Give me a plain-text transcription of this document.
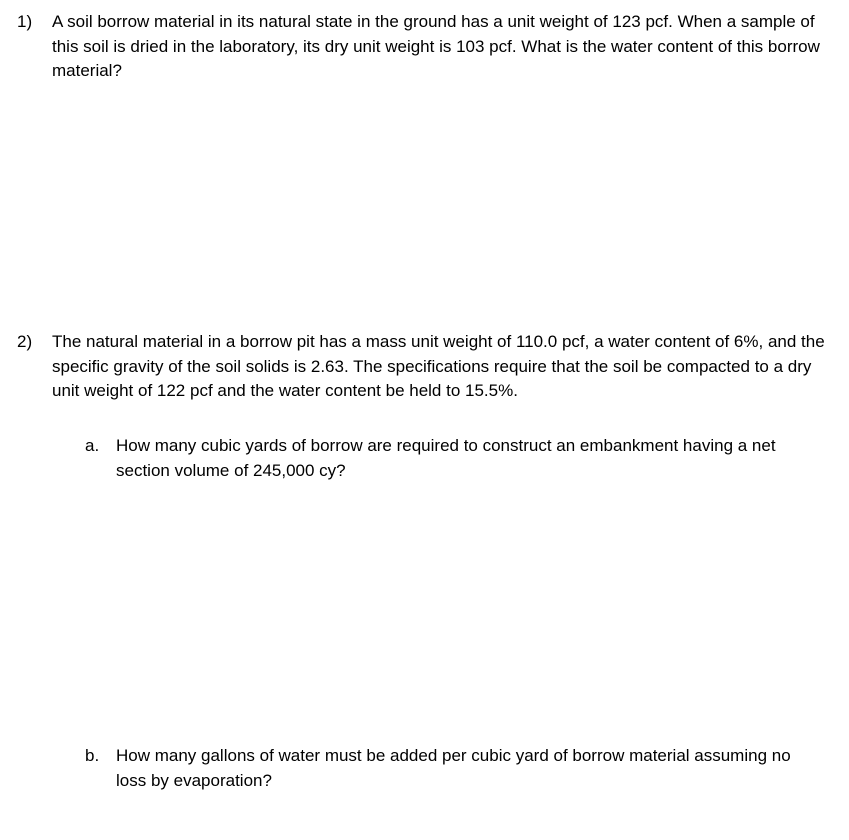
1) A soil borrow material in its natural state in the ground has a unit weight of 123 pcf. When a sample of this soil is dried in the laboratory, its dry unit weight is 103 pcf. What is the water content of this borrow material?
2) The natural material in a borrow pit has a mass unit weight of 110.0 pcf, a water content of 6%, and the specific gravity of the soil solids is 2.63. The specifications require that the soil be compacted to a dry unit weight of 122 pcf and the water content be held to 15.5%.
a. How many cubic yards of borrow are required to construct an embankment having a net section volume of 245,000 cy?
b. How many gallons of water must be added per cubic yard of borrow material assuming no loss by evaporation?
